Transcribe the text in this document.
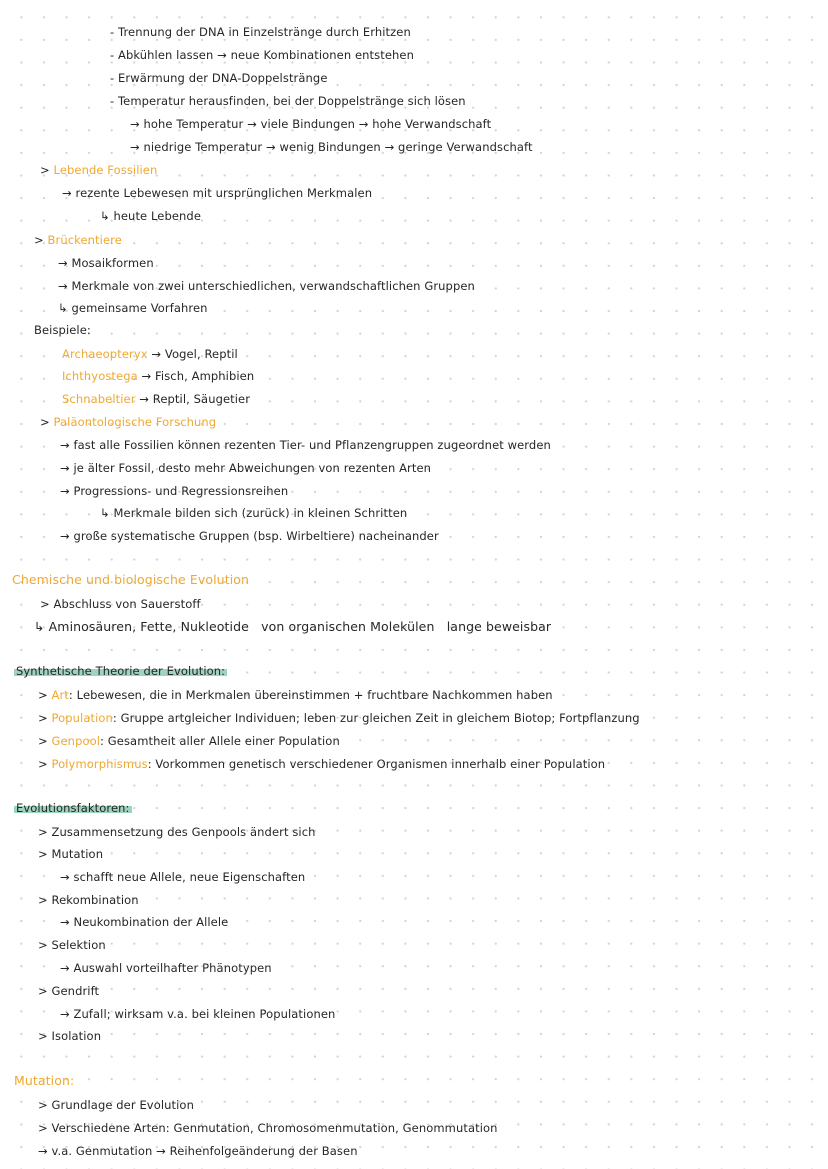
- Trennung der DNA in Einzelstränge durch Erhitzen
- Abkühlen lassen → neue Kombinationen entstehen
- Erwärmung der DNA-Doppelstränge
- Temperatur herausfinden, bei der Doppelstränge sich lösen
→ hohe Temperatur → viele Bindungen → hohe Verwandschaft
→ niedrige Temperatur → wenig Bindungen → geringe Verwandschaft
> Lebende Fossilien
→ rezente Lebewesen mit ursprünglichen Merkmalen
↳ heute Lebende
> Brückentiere
→ Mosaikformen
→ Merkmale von zwei unterschiedlichen, verwandschaftlichen Gruppen
↳ gemeinsame Vorfahren
Beispiele:
Archaeopteryx → Vogel, Reptil
Ichthyostega → Fisch, Amphibien
Schnabeltier → Reptil, Säugetier
> Paläontologische Forschung
→ fast alle Fossilien können rezenten Tier- und Pflanzengruppen zugeordnet werden
→ je älter Fossil, desto mehr Abweichungen von rezenten Arten
→ Progressions- und Regressionsreihen
↳ Merkmale bilden sich (zurück) in kleinen Schritten
→ große systematische Gruppen (bsp. Wirbeltiere) nacheinander
Chemische und biologische Evolution
> Abschluss von Sauerstoff
↳ Aminosäuren, Fette, Nukleotide von organischen Molekülen lange beweisbar
Synthetische Theorie der Evolution:
> Art: Lebewesen, die in Merkmalen übereinstimmen + fruchtbare Nachkommen haben
> Population: Gruppe artgleicher Individuen; leben zur gleichen Zeit in gleichem Biotop; Fortpflanzung
> Genpool: Gesamtheit aller Allele einer Population
> Polymorphismus: Vorkommen genetisch verschiedener Organismen innerhalb einer Population
Evolutionsfaktoren:
> Zusammensetzung des Genpools ändert sich
> Mutation
→ schafft neue Allele, neue Eigenschaften
> Rekombination
→ Neukombination der Allele
> Selektion
→ Auswahl vorteilhafter Phänotypen
> Gendrift
→ Zufall; wirksam v.a. bei kleinen Populationen
> Isolation
Mutation:
> Grundlage der Evolution
> Verschiedene Arten: Genmutation, Chromosomenmutation, Genommutation
→ v.a. Genmutation → Reihenfolgeänderung der Basen
